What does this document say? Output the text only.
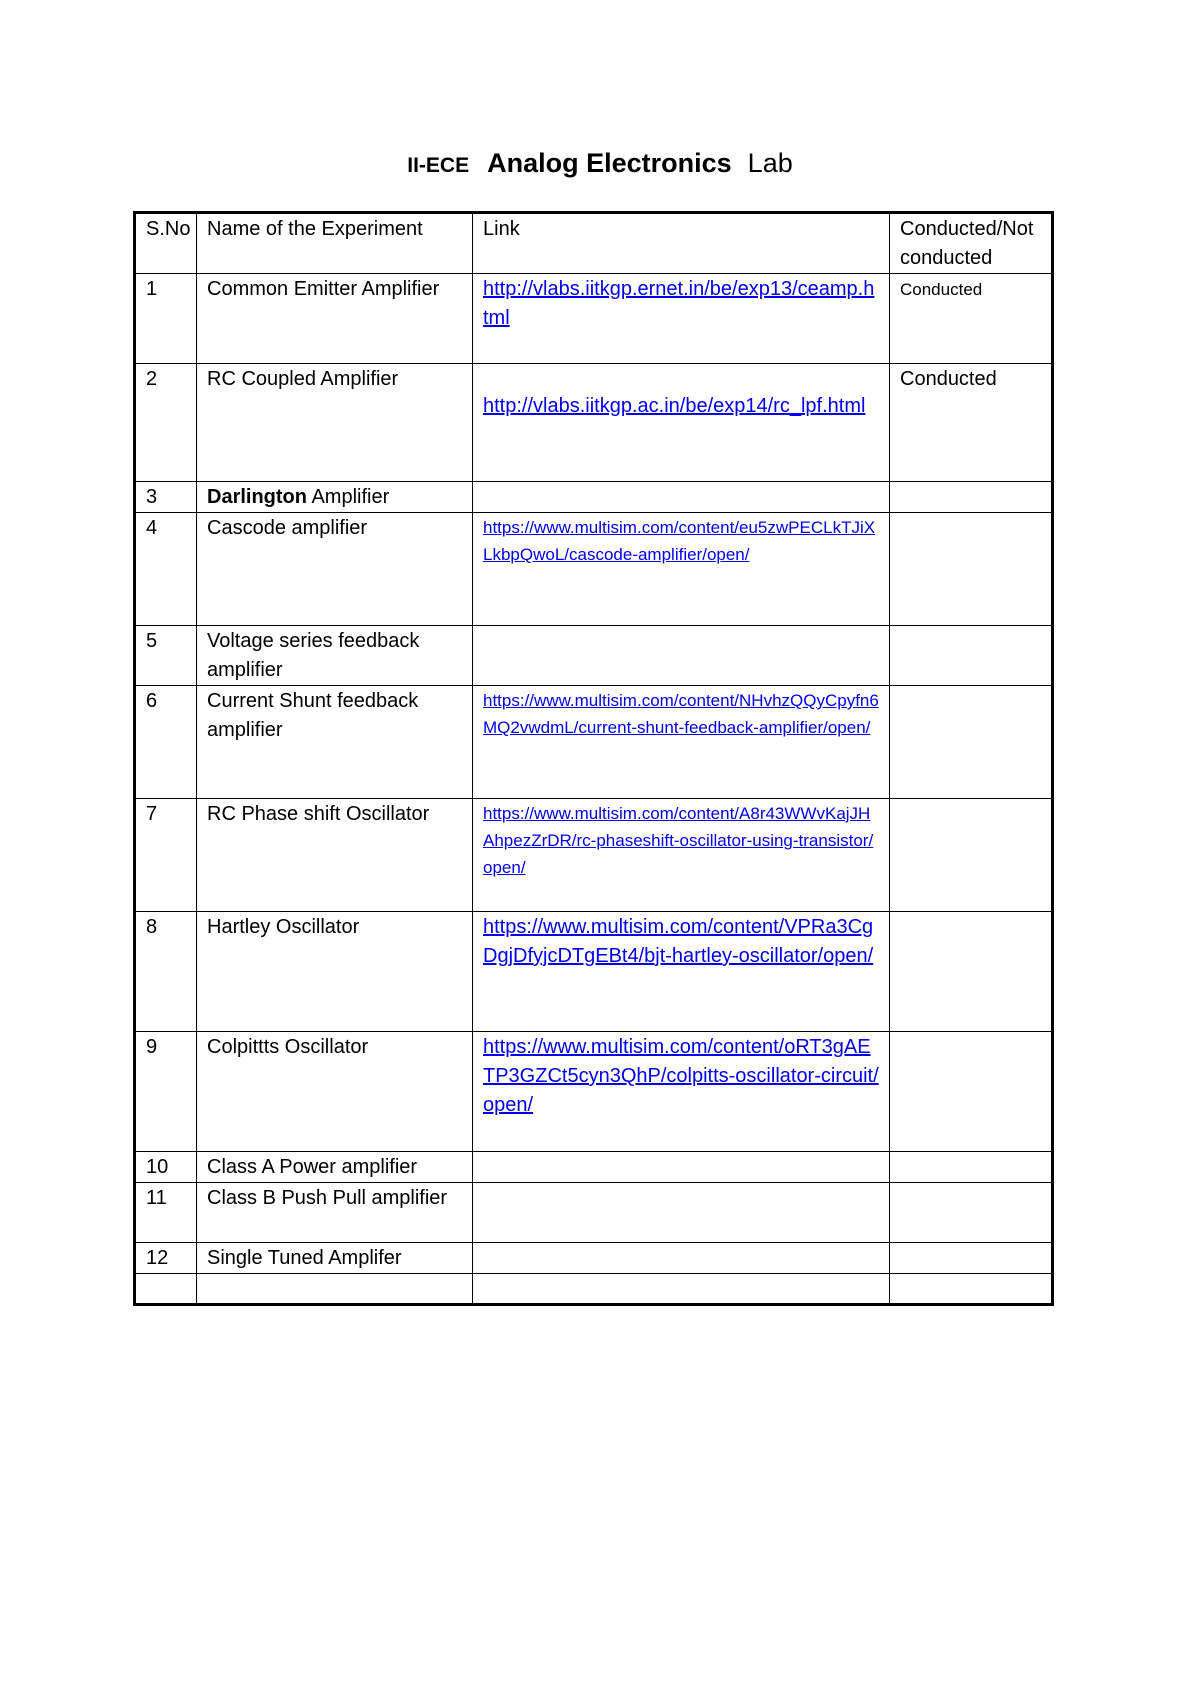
II-ECE Analog Electronics Lab
S.No	Name of the Experiment	Link	Conducted/Not conducted
1	Common Emitter Amplifier	http://vlabs.iitkgp.ernet.in/be/exp13/ceamp.html	Conducted
2	RC Coupled Amplifier	http://vlabs.iitkgp.ac.in/be/exp14/rc_lpf.html	Conducted
3	Darlington Amplifier		
4	Cascode amplifier	https://www.multisim.com/content/eu5zwPECLkTJiXLkbpQwoL/cascode-amplifier/open/	

5	Voltage series feedback amplifier		
6	Current Shunt feedback amplifier	https://www.multisim.com/content/NHvhzQQyCpyfn6MQ2vwdmL/current-shunt-feedback-amplifier/open/	

7	RC Phase shift Oscillator	https://www.multisim.com/content/A8r43WWvKajJHAhpezZrDR/rc-phaseshift-oscillator-using-transistor/open/	

8	Hartley Oscillator	https://www.multisim.com/content/VPRa3CgDgjDfyjcDTgEBt4/bjt-hartley-oscillator/open/	

9	Colpittts Oscillator	https://www.multisim.com/content/oRT3gAETP3GZCt5cyn3QhP/colpitts-oscillator-circuit/open/	

10	Class A Power amplifier		
11	Class B Push Pull amplifier		
12	Single Tuned Amplifer		
